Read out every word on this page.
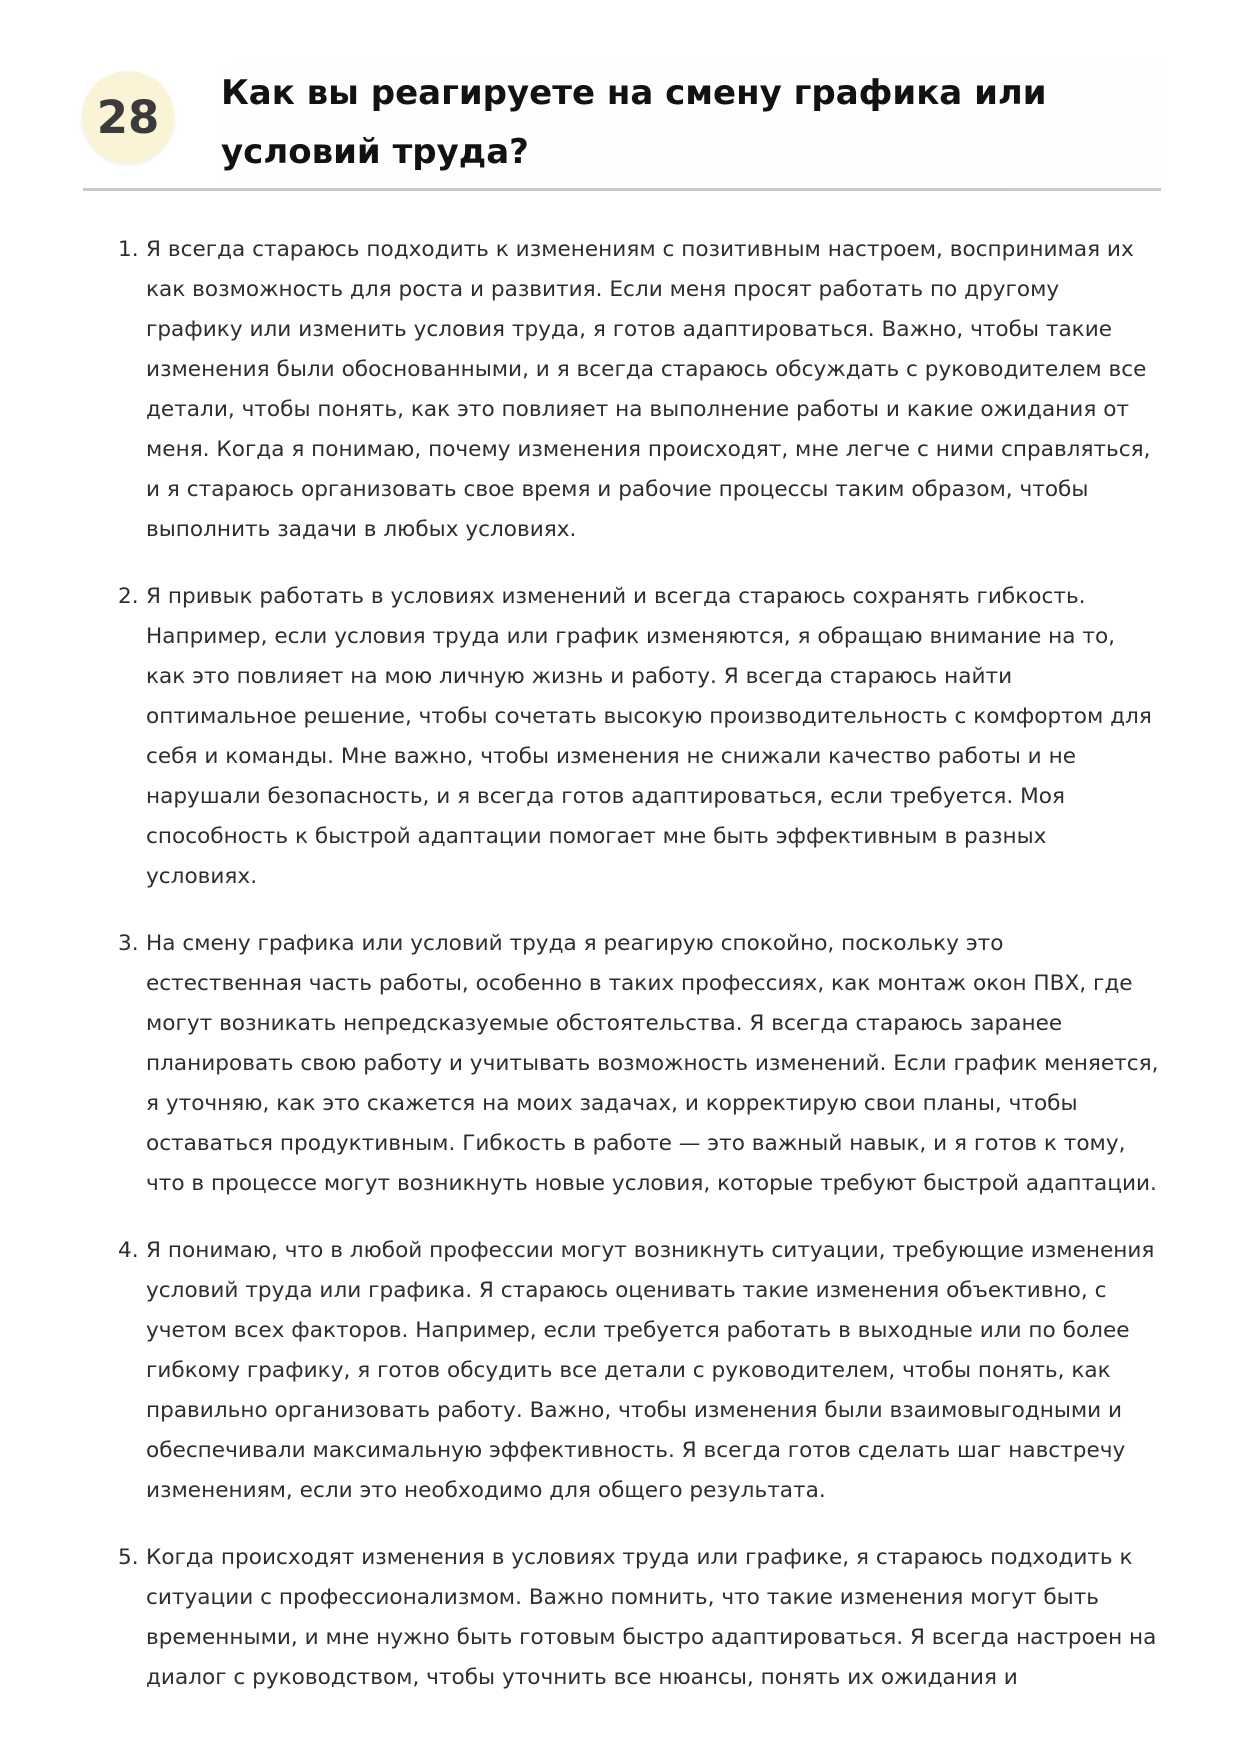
28	Как вы реагируете на смену графика или условий труда?
1. Я всегда стараюсь подходить к изменениям с позитивным настроем, воспринимая их как возможность для роста и развития. Если меня просят работать по другому графику или изменить условия труда, я готов адаптироваться. Важно, чтобы такие изменения были обоснованными, и я всегда стараюсь обсуждать с руководителем все детали, чтобы понять, как это повлияет на выполнение работы и какие ожидания от меня. Когда я понимаю, почему изменения происходят, мне легче с ними справляться, и я стараюсь организовать свое время и рабочие процессы таким образом, чтобы выполнить задачи в любых условиях.
2. Я привык работать в условиях изменений и всегда стараюсь сохранять гибкость. Например, если условия труда или график изменяются, я обращаю внимание на то, как это повлияет на мою личную жизнь и работу. Я всегда стараюсь найти оптимальное решение, чтобы сочетать высокую производительность с комфортом для себя и команды. Мне важно, чтобы изменения не снижали качество работы и не нарушали безопасность, и я всегда готов адаптироваться, если требуется. Моя способность к быстрой адаптации помогает мне быть эффективным в разных условиях.
3. На смену графика или условий труда я реагирую спокойно, поскольку это естественная часть работы, особенно в таких профессиях, как монтаж окон ПВХ, где могут возникать непредсказуемые обстоятельства. Я всегда стараюсь заранее планировать свою работу и учитывать возможность изменений. Если график меняется, я уточняю, как это скажется на моих задачах, и корректирую свои планы, чтобы оставаться продуктивным. Гибкость в работе — это важный навык, и я готов к тому, что в процессе могут возникнуть новые условия, которые требуют быстрой адаптации.
4. Я понимаю, что в любой профессии могут возникнуть ситуации, требующие изменения условий труда или графика. Я стараюсь оценивать такие изменения объективно, с учетом всех факторов. Например, если требуется работать в выходные или по более гибкому графику, я готов обсудить все детали с руководителем, чтобы понять, как правильно организовать работу. Важно, чтобы изменения были взаимовыгодными и обеспечивали максимальную эффективность. Я всегда готов сделать шаг навстречу изменениям, если это необходимо для общего результата.
5. Когда происходят изменения в условиях труда или графике, я стараюсь подходить к ситуации с профессионализмом. Важно помнить, что такие изменения могут быть временными, и мне нужно быть готовым быстро адаптироваться. Я всегда настроен на диалог с руководством, чтобы уточнить все нюансы, понять их ожидания и
